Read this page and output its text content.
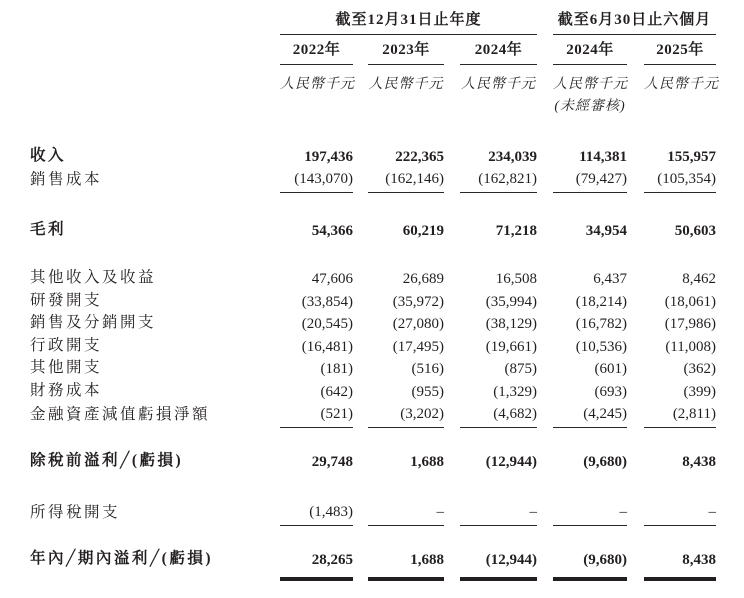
	截至12月31日止年度						截至6月30日止六個月		
	2022年		2023年		2024年		2024年		2025年
	人民幣千元		人民幣千元		人民幣千元		人民幣千元		人民幣千元
							(未經審核)		

收入	197,436		222,365		234,039		114,381		155,957
銷售成本	(143,070)		(162,146)		(162,821)		(79,427)		(105,354)

毛利	54,366		60,219		71,218		34,954		50,603

其他收入及收益	47,606		26,689		16,508		6,437		8,462
研發開支	(33,854)		(35,972)		(35,994)		(18,214)		(18,061)
銷售及分銷開支	(20,545)		(27,080)		(38,129)		(16,782)		(17,986)
行政開支	(16,481)		(17,495)		(19,661)		(10,536)		(11,008)
其他開支	(181)		(516)		(875)		(601)		(362)
財務成本	(642)		(955)		(1,329)		(693)		(399)
金融資產減值虧損淨額	(521)		(3,202)		(4,682)		(4,245)		(2,811)

除稅前溢利╱(虧損)	29,748		1,688		(12,944)		(9,680)		8,438

所得稅開支	(1,483)		–		–		–		–

年內╱期內溢利╱(虧損)	28,265		1,688		(12,944)		(9,680)		8,438
